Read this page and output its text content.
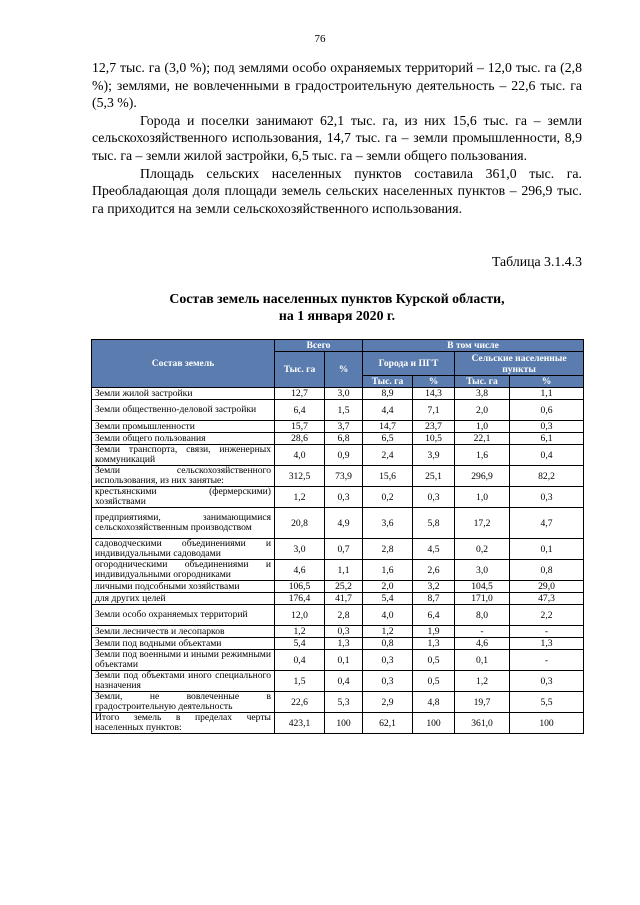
76

12,7 тыс. га (3,0 %); под землями особо охраняемых территорий – 12,0 тыс. га (2,8 %); землями, не вовлеченными в градостроительную деятельность – 22,6 тыс. га (5,3 %).

Города и поселки занимают 62,1 тыс. га, из них 15,6 тыс. га – земли сельскохозяйственного использования, 14,7 тыс. га – земли промышленности, 8,9 тыс. га – земли жилой застройки, 6,5 тыс. га – земли общего пользования.

Площадь сельских населенных пунктов составила 361,0 тыс. га. Преобладающая доля площади земель сельских населенных пунктов – 296,9 тыс. га приходится на земли сельскохозяйственного использования.

Таблица 3.1.4.3
Состав земель населенных пунктов Курской области,
на 1 января 2020 г.
Состав земель	Всего		В том числе			
	Тыс. га	%	Города и ПГТ		Сельские населенные пункты	
			Тыс. га	%	Тыс. га	%
Земли жилой застройки	12,7	3,0	8,9	14,3	3,8	1,1
Земли общественно-деловой застройки	6,4	1,5	4,4	7,1	2,0	0,6
Земли промышленности	15,7	3,7	14,7	23,7	1,0	0,3
Земли общего пользования	28,6	6,8	6,5	10,5	22,1	6,1
Земли транспорта, связи, инженерных коммуникаций	4,0	0,9	2,4	3,9	1,6	0,4
Земли сельскохозяйственного использования, из них занятые:	312,5	73,9	15,6	25,1	296,9	82,2
крестьянскими (фермерскими) хозяйствами	1,2	0,3	0,2	0,3	1,0	0,3
предприятиями, занимающимися сельскохозяйственным производством	20,8	4,9	3,6	5,8	17,2	4,7
садоводческими объединениями и индивидуальными садоводами	3,0	0,7	2,8	4,5	0,2	0,1
огородническими объединениями и индивидуальными огородниками	4,6	1,1	1,6	2,6	3,0	0,8
личными подсобными хозяйствами	106,5	25,2	2,0	3,2	104,5	29,0
для других целей	176,4	41,7	5,4	8,7	171,0	47,3
Земли особо охраняемых территорий	12,0	2,8	4,0	6,4	8,0	2,2
Земли лесничеств и лесопарков	1,2	0,3	1,2	1,9	-	-
Земли под водными объектами	5,4	1,3	0,8	1,3	4,6	1,3
Земли под военными и иными режимными объектами	0,4	0,1	0,3	0,5	0,1	-
Земли под объектами иного специального назначения	1,5	0,4	0,3	0,5	1,2	0,3
Земли, не вовлеченные в градостроительную деятельность	22,6	5,3	2,9	4,8	19,7	5,5
Итого земель в пределах черты населенных пунктов:	423,1	100	62,1	100	361,0	100
